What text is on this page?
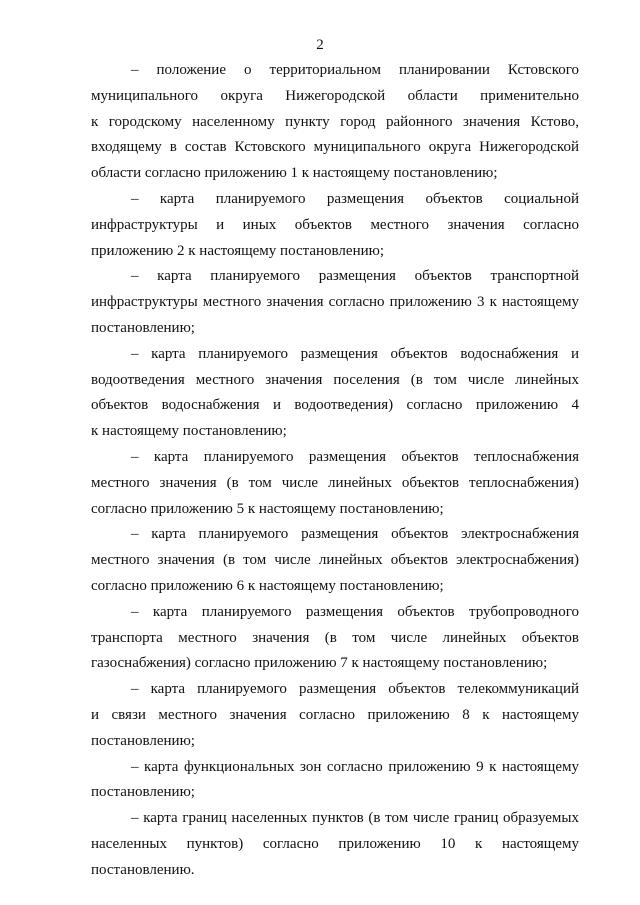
2
– положение о территориальном планировании Кстовского
муниципального округа Нижегородской области применительно
к городскому населенному пункту город районного значения Кстово,
входящему в состав Кстовского муниципального округа Нижегородской
области согласно приложению 1 к настоящему постановлению;
– карта планируемого размещения объектов социальной
инфраструктуры и иных объектов местного значения согласно
приложению 2 к настоящему постановлению;
– карта планируемого размещения объектов транспортной
инфраструктуры местного значения согласно приложению 3 к настоящему
постановлению;
– карта планируемого размещения объектов водоснабжения и
водоотведения местного значения поселения (в том числе линейных
объектов водоснабжения и водоотведения) согласно приложению 4
к настоящему постановлению;
– карта планируемого размещения объектов теплоснабжения
местного значения (в том числе линейных объектов теплоснабжения)
согласно приложению 5 к настоящему постановлению;
– карта планируемого размещения объектов электроснабжения
местного значения (в том числе линейных объектов электроснабжения)
согласно приложению 6 к настоящему постановлению;
– карта планируемого размещения объектов трубопроводного
транспорта местного значения (в том числе линейных объектов
газоснабжения) согласно приложению 7 к настоящему постановлению;
– карта планируемого размещения объектов телекоммуникаций
и связи местного значения согласно приложению 8 к настоящему
постановлению;
– карта функциональных зон согласно приложению 9 к настоящему
постановлению;
– карта границ населенных пунктов (в том числе границ образуемых
населенных пунктов) согласно приложению 10 к настоящему
постановлению.
